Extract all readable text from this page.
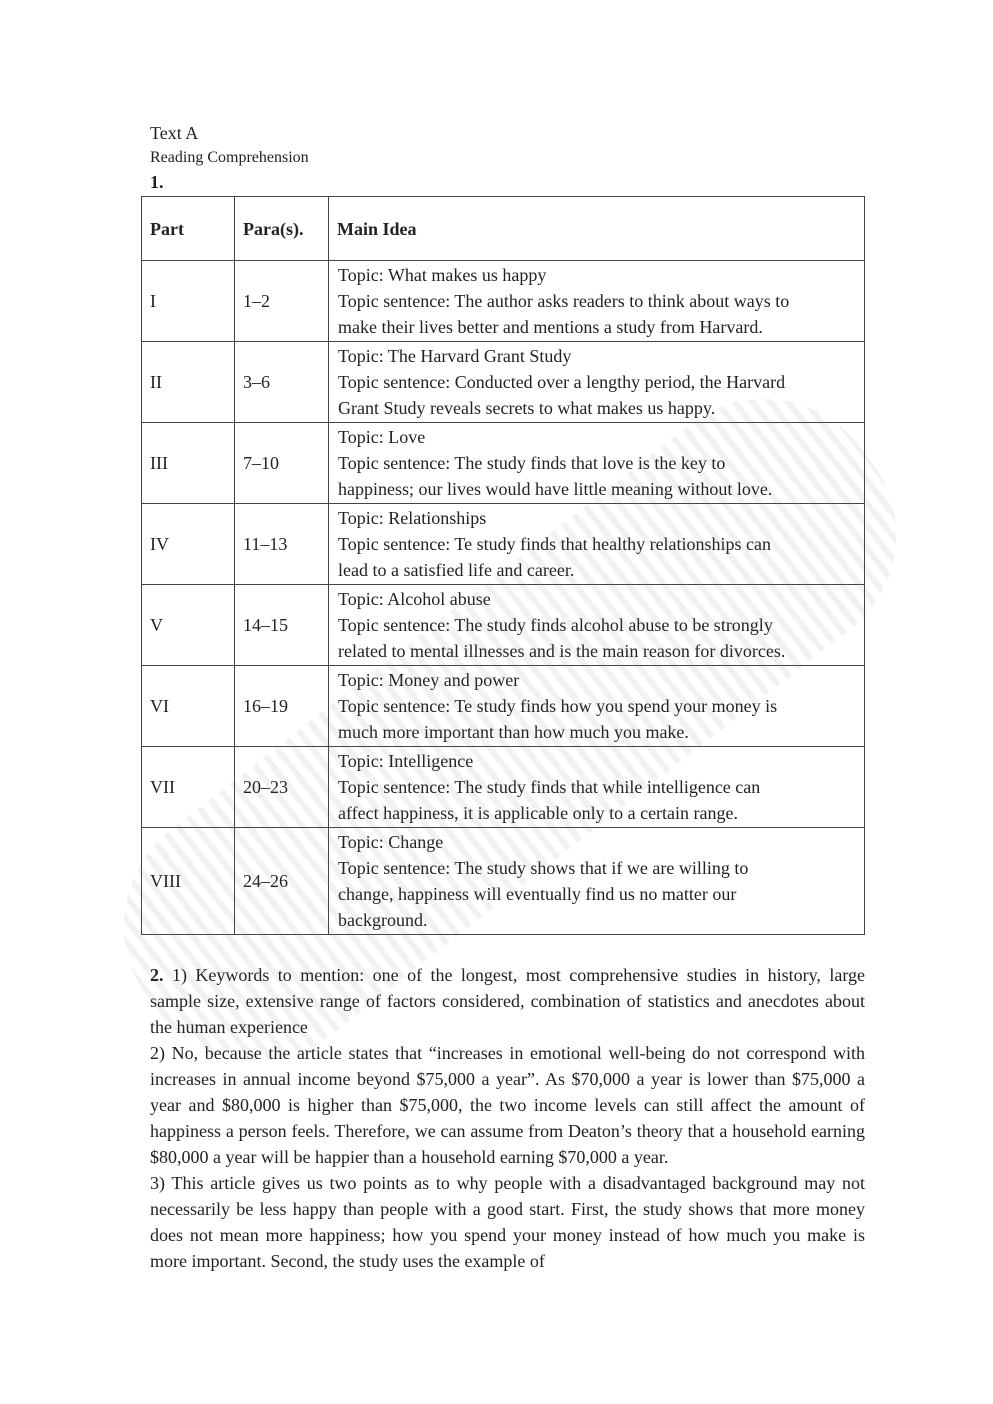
Text A

Reading Comprehension

1.

Part	Para(s).	Main Idea
I	1–2	Topic: What makes us happy
Topic sentence: The author asks readers to think about ways to
make their lives better and mentions a study from Harvard.

II	3–6	Topic: The Harvard Grant Study
Topic sentence: Conducted over a lengthy period, the Harvard
Grant Study reveals secrets to what makes us happy.

III	7–10	Topic: Love
Topic sentence: The study finds that love is the key to
happiness; our lives would have little meaning without love.

IV	11–13	Topic: Relationships
Topic sentence: Te study finds that healthy relationships can
lead to a satisfied life and career.

V	14–15	Topic: Alcohol abuse
Topic sentence: The study finds alcohol abuse to be strongly
related to mental illnesses and is the main reason for divorces.

VI	16–19	Topic: Money and power
Topic sentence: Te study finds how you spend your money is
much more important than how much you make.

VII	20–23	Topic: Intelligence
Topic sentence: The study finds that while intelligence can
affect happiness, it is applicable only to a certain range.

VIII	24–26	Topic: Change
Topic sentence: The study shows that if we are willing to
change, happiness will eventually find us no matter our
background.

2. 1) Keywords to mention: one of the longest, most comprehensive studies in history, large sample size, extensive range of factors considered, combination of statistics and anecdotes about the human experience

2) No, because the article states that “increases in emotional well-being do not correspond with increases in annual income beyond $75,000 a year”. As $70,000 a year is lower than $75,000 a year and $80,000 is higher than $75,000, the two income levels can still affect the amount of happiness a person feels. Therefore, we can assume from Deaton’s theory that a household earning $80,000 a year will be happier than a household earning $70,000 a year.

3) This article gives us two points as to why people with a disadvantaged background may not necessarily be less happy than people with a good start. First, the study shows that more money does not mean more happiness; how you spend your money instead of how much you make is more important. Second, the study uses the example of
